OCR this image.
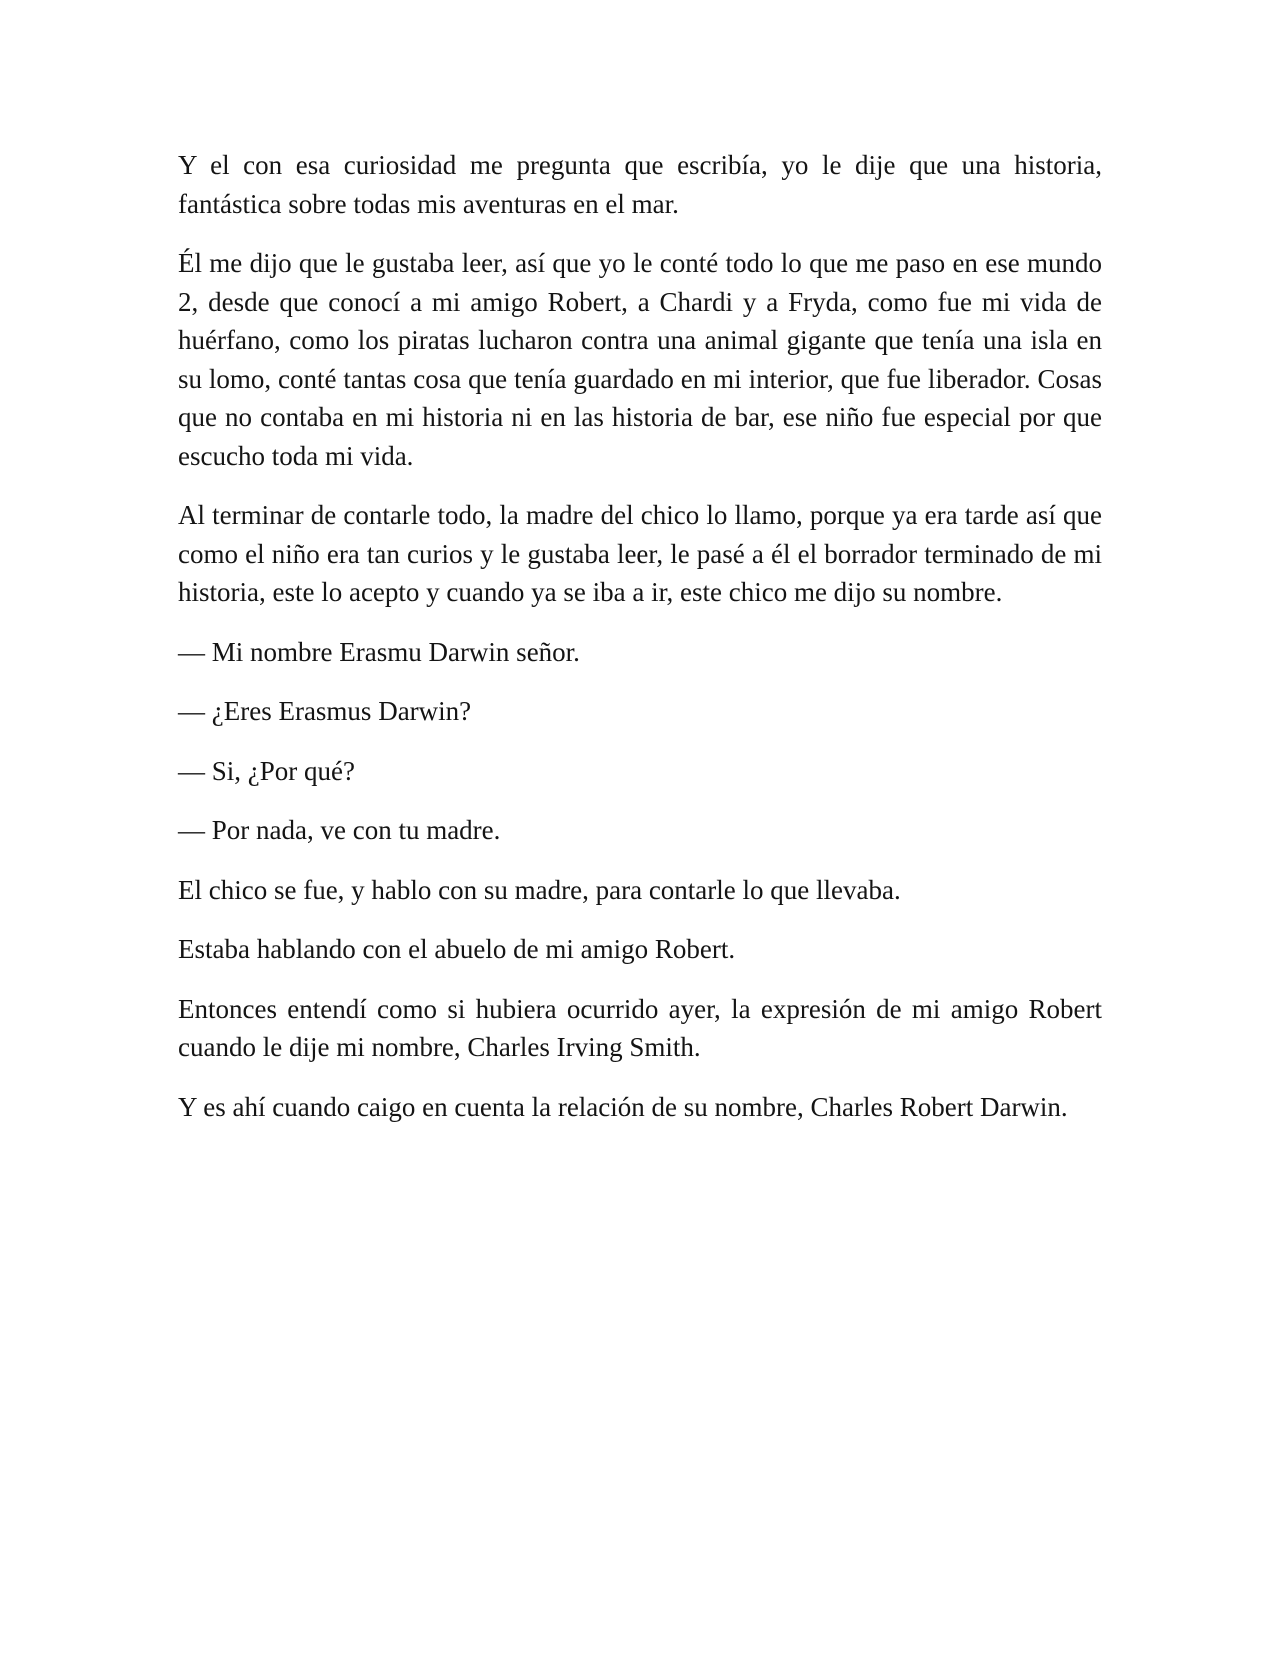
Y el con esa curiosidad me pregunta que escribía, yo le dije que una historia, fantástica sobre todas mis aventuras en el mar.

Él me dijo que le gustaba leer, así que yo le conté todo lo que me paso en ese mundo 2, desde que conocí a mi amigo Robert, a Chardi y a Fryda, como fue mi vida de huérfano, como los piratas lucharon contra una animal gigante que tenía una isla en su lomo, conté tantas cosa que tenía guardado en mi interior, que fue liberador. Cosas que no contaba en mi historia ni en las historia de bar, ese niño fue especial por que escucho toda mi vida.

Al terminar de contarle todo, la madre del chico lo llamo, porque ya era tarde así que como el niño era tan curios y le gustaba leer, le pasé a él el borrador terminado de mi historia, este lo acepto y cuando ya se iba a ir, este chico me dijo su nombre.

— Mi nombre Erasmu Darwin señor.

— ¿Eres Erasmus Darwin?

— Si, ¿Por qué?

— Por nada, ve con tu madre.

El chico se fue, y hablo con su madre, para contarle lo que llevaba.

Estaba hablando con el abuelo de mi amigo Robert.

Entonces entendí como si hubiera ocurrido ayer, la expresión de mi amigo Robert cuando le dije mi nombre, Charles Irving Smith.

Y es ahí cuando caigo en cuenta la relación de su nombre, Charles Robert Darwin.
